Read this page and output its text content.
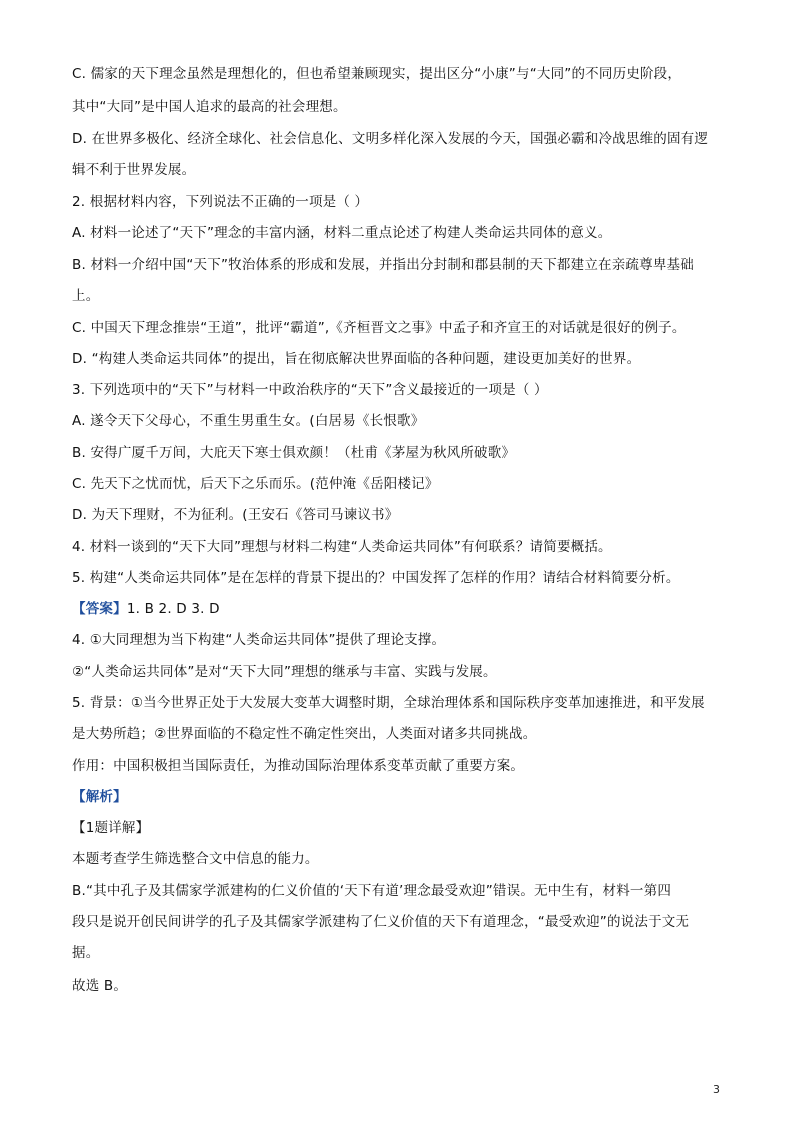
C. 儒家的天下理念虽然是理想化的，但也希望兼顾现实，提出区分“小康”与“大同”的不同历史阶段，
其中“大同”是中国人追求的最高的社会理想。
D. 在世界多极化、经济全球化、社会信息化、文明多样化深入发展的今天，国强必霸和冷战思维的固有逻
辑不利于世界发展。
2. 根据材料内容，下列说法不正确的一项是（ ）
A. 材料一论述了“天下”理念的丰富内涵，材料二重点论述了构建人类命运共同体的意义。
B. 材料一介绍中国“天下”牧治体系的形成和发展，并指出分封制和郡县制的天下都建立在亲疏尊卑基础
上。
C. 中国天下理念推崇“王道”，批评“霸道”,《齐桓晋文之事》中孟子和齐宣王的对话就是很好的例子。
D. “构建人类命运共同体”的提出，旨在彻底解决世界面临的各种问题，建设更加美好的世界。
3. 下列选项中的“天下”与材料一中政治秩序的“天下”含义最接近的一项是（ ）
A. 遂令天下父母心，不重生男重生女。(白居易《长恨歌》
B. 安得广厦千万间，大庇天下寒士俱欢颜！（杜甫《茅屋为秋风所破歌》
C. 先天下之忧而忧，后天下之乐而乐。(范仲淹《岳阳楼记》
D. 为天下理财，不为征利。(王安石《答司马谏议书》
4. 材料一谈到的“天下大同”理想与材料二构建“人类命运共同体”有何联系？请简要概括。
5. 构建“人类命运共同体”是在怎样的背景下提出的？中国发挥了怎样的作用？请结合材料简要分析。
【答案】1. B 2. D 3. D
4. ①大同理想为当下构建“人类命运共同体”提供了理论支撑。
②“人类命运共同体”是对“天下大同”理想的继承与丰富、实践与发展。
5. 背景：①当今世界正处于大发展大变革大调整时期，全球治理体系和国际秩序变革加速推进，和平发展
是大势所趋；②世界面临的不稳定性不确定性突出，人类面对诸多共同挑战。
作用：中国积极担当国际责任，为推动国际治理体系变革贡献了重要方案。
【解析】
【1题详解】
本题考查学生筛选整合文中信息的能力。
B.“其中孔子及其儒家学派建构的仁义价值的‘天下有道’理念最受欢迎”错误。无中生有，材料一第四
段只是说开创民间讲学的孔子及其儒家学派建构了仁义价值的天下有道理念，“最受欢迎”的说法于文无
据。
故选 B。
3
